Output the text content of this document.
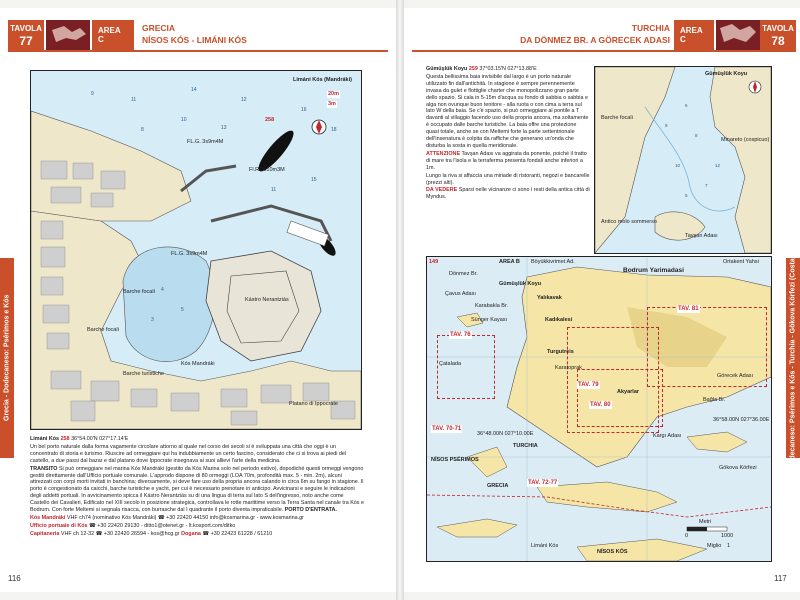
TAVOLA
77
AREA C
GRECIA
NÍSOS KÓS - LIMÁNI KÓS
Grecia - Dodecaneso: Psérimos e Kós
9
11
14
12
8
10
13
11
15
18
16
4
5
3
Limáni Kós (Mandráki)
20m
3m
FL.G. 3s9m4M
Fl.R.3s10m3M
FL.G. 3s9m4M
258
Barche focali
Barche focali
Kástro Nerantziás
Kós Mandráki
Barche turistiche
Platano di Ippocrate

Limáni Kós 258 36°54.00'N 027°17.14'E

Un bel porto naturale dalla forma vagamente circolare attorno al quale nel corso dei secoli si è sviluppata una città che oggi è un concentrato di storia e turismo. Riuscire ad ormeggiare qui ha indubbiamente un certo fascino, considerato che ci si trova ai piedi del castello, a due passi dal bazar e dal platano dove Ippocrate insegnava ai suoi allievi l'arte della medicina.

TRANSITO Si può ormeggiare nel marina Kós Mandráki (gestito da Kós Marina solo nel periodo estivo), dopodiché questi ormeggi vengono gestiti direttamente dall'Ufficio portuale comunale. L'approdo dispone di 80 ormeggi (LOA 70m, profondità max. 5 - min. 2m), alcuni attrezzati con corpi morti invitati in banchina; diversamente, si deve fare uso della propria ancora calando in circa 6m su fango in stagione. Il porto è congestionato da caicchi, barche turistiche e yacht, per cui è necessario prenotare in anticipo. Avvicinarsi e seguire le indicazioni degli addetti portuali. In avvicinamento spicca il Kástro Nerantziás su di una lingua di terra sul lato S dell'ingresso, noto anche come Castello dei Cavalieri, Edificato nel XIII secolo in posizione strategica, controllava le rotte marittime verso la Terra Santa nel canale tra Kós e Bodrum. Con forte Meltemi si segnala risacca, con burrasche dal I quadrante il porto diventa impraticabile. PORTO D'ENTRATA.

Kós Mandráki VHF ch74 (nominativo Kós Mandráki) ☎ +30 22420 44150 info@kosmarina.gr - www.kosmarina.gr

Ufficio portuale di Kós ☎ +30 22420 29130 - ditto1@otenet.gr - lt.kosport.com/ditko

Capitaneria VHF ch 12-32 ☎ +30 22420 26594 - kos@hcg.gr Dogana ☎ +30 22423 61228 / 61210

116
TURCHIA
DA DÖNMEZ BR. A GÖRECEK ADASI
AREA C
TAVOLA
78
Grecia - Dodecaneso: Psérimos e Kós - Turchia - Gökova Körfezi (Costa della Caria)

Gümüşlük Koyu 259 37°03.15'N 027°13.88'E

Questa bellissima baia invisibile dal largo è un porto naturale utilizzato fin dall'antichità. In stagione è sempre perennemente invasa da gulet e flottiglie charter che monopolizzano gran parte dello spazio. Si cala in 5-15m d'acqua su fondo di sabbia o sabbia e alga non ovunque buon tenitore - alla ruota o con cima a terra sul lato W della baia. Se c'è spazio, si può ormeggiare al pontile a T davanti al villaggio facendo uso della propria ancora, ma soltamente è occupato dalle barche turistiche. La baia offre una protezione quasi totale, anche se con Meltemi forte la parte settentrionale dell'insenatura è colpita da raffiche che generano un'onda che disturba la sosta in quella meridionale.

ATTENZIONE Tavşan Adası va aggirata da ponente, poiché il tratto di mare tra l'isola e la terraferma presenta fondali anche inferiori a 1m.

Lungo la riva si affaccia una miriade di ristoranti, negozi e bancarelle (prezzi alti).

DA VEDERE Sparsi nelle vicinanze ci sono i resti della antica città di Myndus.

6
8
10
7
5
12
9
Gümüşlük Koyu
Barche focali
Minareto (cospicuo)
Antico molo sommerso
Tavşan Adası
TAV. 76
TAV. 79
TAV. 81
TAV. 80
TAV. 70-71
TAV. 72-77
AREA B
Dönmez Br.
Gümüşlük Koyu
Böyükkivrimet Ad.
149
Çavus Adası
Karabakla Br.
Sünger Kayası
Yalıkavak
Kadıkalesi
Bodrum Yarimadasi
Ortakent Yahsi
Çatalada
Turgutreis
Karatoprak
Akyarlar
NÍSOS PSÉRIMOS
TURCHIA
GRECIA
NÍSOS KÓS
Bağla Br.
Kargı Adası
Görecek Adası
Gökova Körfezi
Limáni Kós
36°58.00N 027°36.00E
36°48.00N 027°10.00E
Metri
0	1000
Miglio 1
117
